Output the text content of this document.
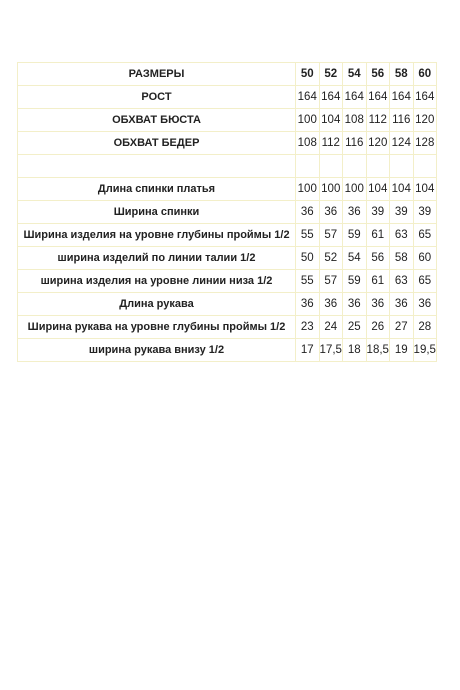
РАЗМЕРЫ	50	52	54	56	58	60
РОСТ	164	164	164	164	164	164
ОБХВАТ БЮСТА	100	104	108	112	116	120
ОБХВАТ БЕДЕР	108	112	116	120	124	128

Длина спинки платья	100	100	100	104	104	104
Ширина спинки	36	36	36	39	39	39
Ширина изделия на уровне глубины проймы 1/2	55	57	59	61	63	65
ширина изделий по линии талии 1/2	50	52	54	56	58	60
ширина изделия на уровне линии низа 1/2	55	57	59	61	63	65
Длина рукава	36	36	36	36	36	36
Ширина рукава на уровне глубины проймы 1/2	23	24	25	26	27	28
ширина рукава внизу 1/2	17	17,5	18	18,5	19	19,5
